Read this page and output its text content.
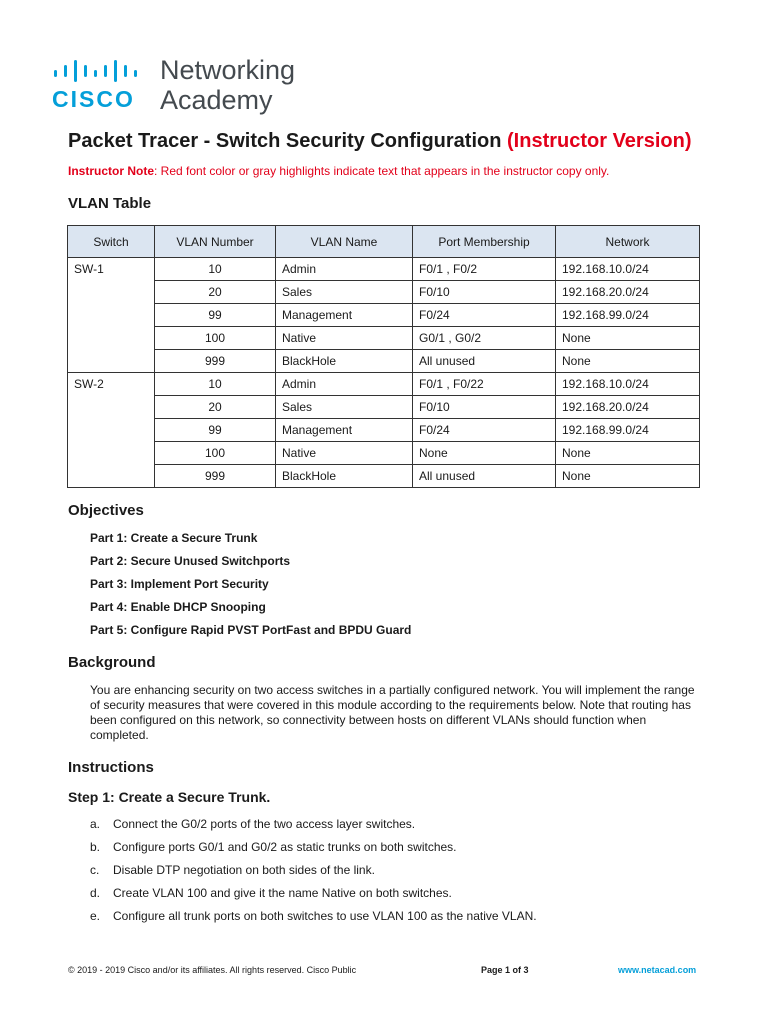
CISCO
Networking
Academy
Packet Tracer - Switch Security Configuration (Instructor Version)
Instructor Note: Red font color or gray highlights indicate text that appears in the instructor copy only.
VLAN Table
Switch	VLAN Number	VLAN Name	Port Membership	Network
SW-1	10	Admin	F0/1 , F0/2	192.168.10.0/24
	20	Sales	F0/10	192.168.20.0/24
	99	Management	F0/24	192.168.99.0/24
	100	Native	G0/1 , G0/2	None
	999	BlackHole	All unused	None
SW-2	10	Admin	F0/1 , F0/22	192.168.10.0/24
	20	Sales	F0/10	192.168.20.0/24
	99	Management	F0/24	192.168.99.0/24
	100	Native	None	None
	999	BlackHole	All unused	None
Objectives
Part 1: Create a Secure Trunk
Part 2: Secure Unused Switchports
Part 3: Implement Port Security
Part 4: Enable DHCP Snooping
Part 5: Configure Rapid PVST PortFast and BPDU Guard
Background

You are enhancing security on two access switches in a partially configured network. You will implement the range of security measures that were covered in this module according to the requirements below. Note that routing has been configured on this network, so connectivity between hosts on different VLANs should function when completed.

Instructions
Step 1: Create a Secure Trunk.
a. Connect the G0/2 ports of the two access layer switches.
b. Configure ports G0/1 and G0/2 as static trunks on both switches.
c. Disable DTP negotiation on both sides of the link.
d. Create VLAN 100 and give it the name Native on both switches.
e. Configure all trunk ports on both switches to use VLAN 100 as the native VLAN.
© 2019 - 2019 Cisco and/or its affiliates. All rights reserved. Cisco Public	Page 1 of 3	www.netacad.com
